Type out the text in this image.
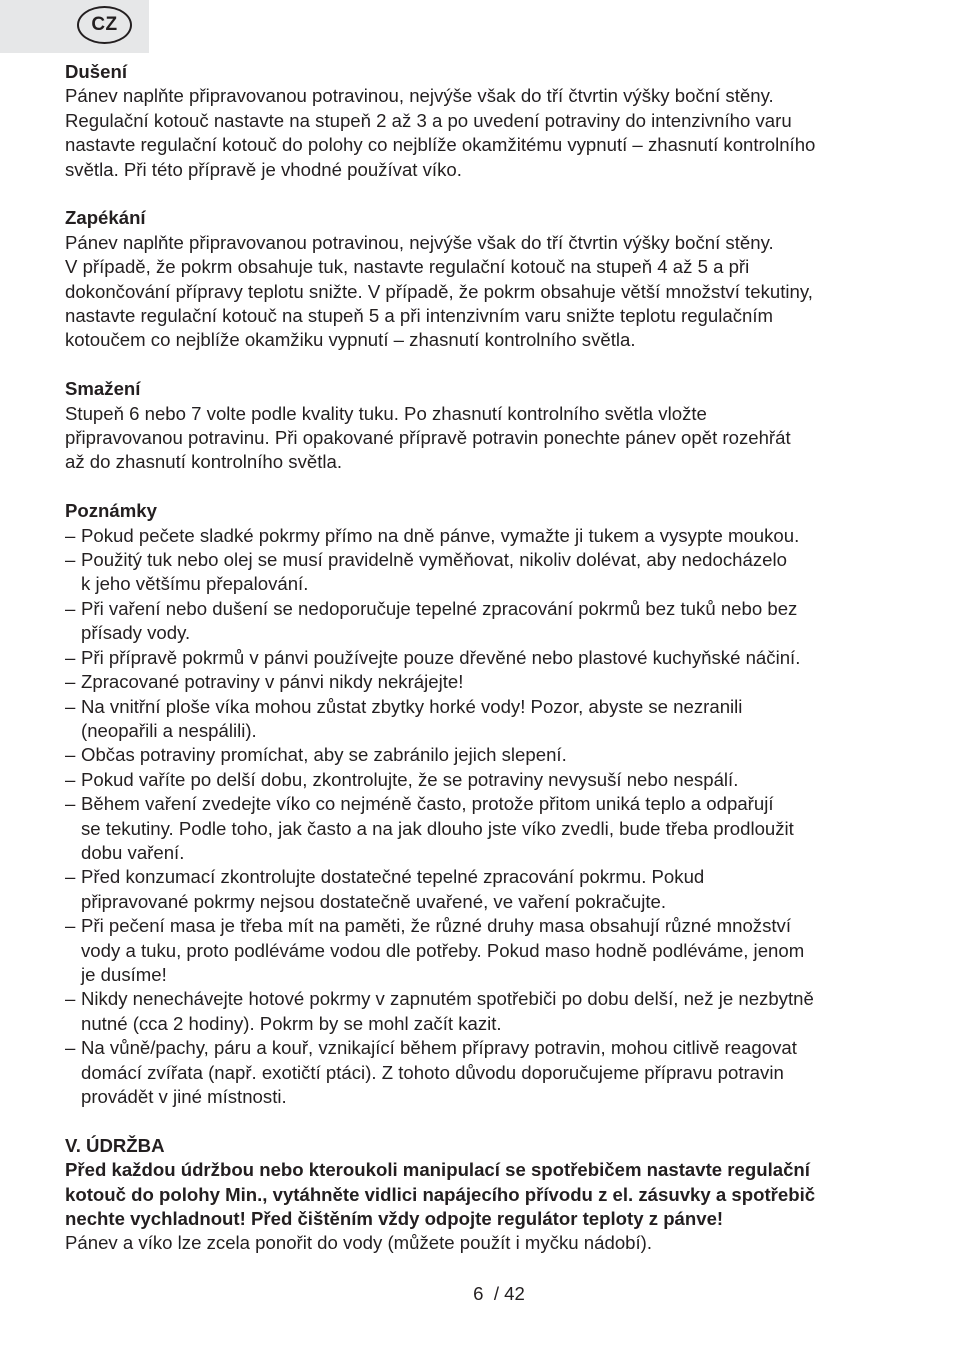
CZ
Dušení
Pánev naplňte připravovanou potravinou, nejvýše však do tří čtvrtin výšky boční stěny.
Regulační kotouč nastavte na stupeň 2 až 3 a po uvedení potraviny do intenzivního varu
nastavte regulační kotouč do polohy co nejblíže okamžitému vypnutí – zhasnutí kontrolního
světla. Při této přípravě je vhodné používat víko.
Zapékání
Pánev naplňte připravovanou potravinou, nejvýše však do tří čtvrtin výšky boční stěny.
V případě, že pokrm obsahuje tuk, nastavte regulační kotouč na stupeň 4 až 5 a při
dokončování přípravy teplotu snižte. V případě, že pokrm obsahuje větší množství tekutiny,
nastavte regulační kotouč na stupeň 5 a při intenzivním varu snižte teplotu regulačním
kotoučem co nejblíže okamžiku vypnutí – zhasnutí kontrolního světla.
Smažení
Stupeň 6 nebo 7 volte podle kvality tuku. Po zhasnutí kontrolního světla vložte
připravovanou potravinu. Při opakované přípravě potravin ponechte pánev opět rozehřát
až do zhasnutí kontrolního světla.
Poznámky
– Pokud pečete sladké pokrmy přímo na dně pánve, vymažte ji tukem a vysypte moukou.
– Použitý tuk nebo olej se musí pravidelně vyměňovat, nikoliv dolévat, aby nedocházelo
k jeho většímu přepalování.
– Při vaření nebo dušení se nedoporučuje tepelné zpracování pokrmů bez tuků nebo bez
přísady vody.
– Při přípravě pokrmů v pánvi používejte pouze dřevěné nebo plastové kuchyňské náčiní.
– Zpracované potraviny v pánvi nikdy nekrájejte!
– Na vnitřní ploše víka mohou zůstat zbytky horké vody! Pozor, abyste se nezranili
(neopařili a nespálili).
– Občas potraviny promíchat, aby se zabránilo jejich slepení.
– Pokud vaříte po delší dobu, zkontrolujte, že se potraviny nevysuší nebo nespálí.
– Během vaření zvedejte víko co nejméně často, protože přitom uniká teplo a odpařují
se tekutiny. Podle toho, jak často a na jak dlouho jste víko zvedli, bude třeba prodloužit
dobu vaření.
– Před konzumací zkontrolujte dostatečné tepelné zpracování pokrmu. Pokud
připravované pokrmy nejsou dostatečně uvařené, ve vaření pokračujte.
– Při pečení masa je třeba mít na paměti, že různé druhy masa obsahují různé množství
vody a tuku, proto podléváme vodou dle potřeby. Pokud maso hodně podléváme, jenom
je dusíme!
– Nikdy nenechávejte hotové pokrmy v zapnutém spotřebiči po dobu delší, než je nezbytně
nutné (cca 2 hodiny). Pokrm by se mohl začít kazit.
– Na vůně/pachy, páru a kouř, vznikající během přípravy potravin, mohou citlivě reagovat
domácí zvířata (např. exotičtí ptáci). Z tohoto důvodu doporučujeme přípravu potravin
provádět v jiné místnosti.
V. ÚDRŽBA
Před každou údržbou nebo kteroukoli manipulací se spotřebičem nastavte regulační
kotouč do polohy Min., vytáhněte vidlici napájecího přívodu z el. zásuvky a spotřebič
nechte vychladnout! Před čištěním vždy odpojte regulátor teploty z pánve!
Pánev a víko lze zcela ponořit do vody (můžete použít i myčku nádobí).
6 / 42
